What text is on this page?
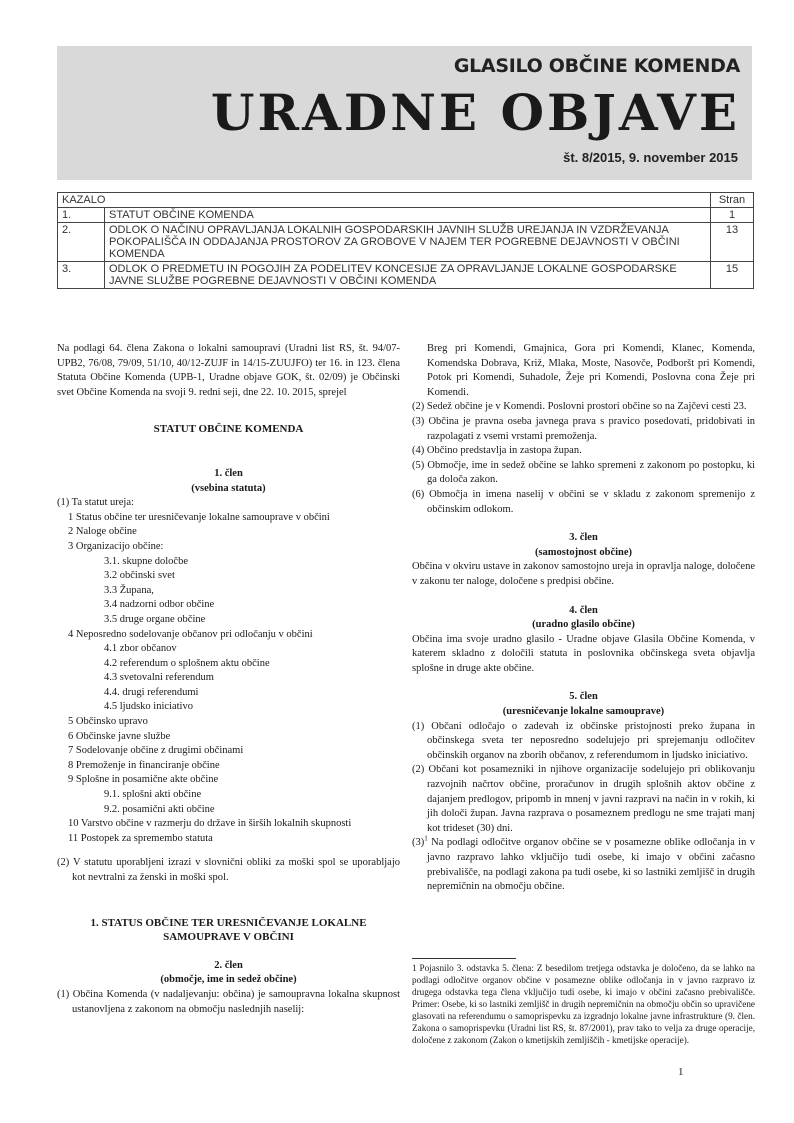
GLASILO OBČINE KOMENDA
URADNE OBJAVE
št. 8/2015, 9. november 2015
KAZALO		Stran
1.	STATUT OBČINE KOMENDA	1
2.	ODLOK O NAČINU OPRAVLJANJA LOKALNIH GOSPODARSKIH JAVNIH SLUŽB UREJANJA IN VZDRŽEVANJA POKOPALIŠČA IN ODDAJANJA PROSTOROV ZA GROBOVE V NAJEM TER POGREBNE DEJAVNOSTI V OBČINI KOMENDA	13
3.	ODLOK O PREDMETU IN POGOJIH ZA PODELITEV KONCESIJE ZA OPRAVLJANJE LOKALNE GOSPODARSKE JAVNE SLUŽBE POGREBNE DEJAVNOSTI V OBČINI KOMENDA	15

Na podlagi 64. člena Zakona o lokalni samoupravi (Uradni list RS, št. 94/07-UPB2, 76/08, 79/09, 51/10, 40/12-ZUJF in 14/15-ZUUJFO) ter 16. in 123. člena Statuta Občine Komenda (UPB-1, Uradne objave GOK, št. 02/09) je Občinski svet Občine Komenda na svoji 9. redni seji, dne 22. 10. 2015, sprejel

STATUT OBČINE KOMENDA

1. člen

(vsebina statuta)

(1) Ta statut ureja:

1 Status občine ter uresničevanje lokalne samouprave v občini

2 Naloge občine

3 Organizacijo občine:

3.1. skupne določbe

3.2 občinski svet

3.3 Župana,

3.4 nadzorni odbor občine

3.5 druge organe občine

4 Neposredno sodelovanje občanov pri odločanju v občini

4.1 zbor občanov

4.2 referendum o splošnem aktu občine

4.3 svetovalni referendum

4.4. drugi referendumi

4.5 ljudsko iniciativo

5 Občinsko upravo

6 Občinske javne službe

7 Sodelovanje občine z drugimi občinami

8 Premoženje in financiranje občine

9 Splošne in posamične akte občine

9.1. splošni akti občine

9.2. posamični akti občine

10 Varstvo občine v razmerju do države in širših lokalnih skupnosti

11 Postopek za spremembo statuta

(2) V statutu uporabljeni izrazi v slovnični obliki za moški spol se uporabljajo kot nevtralni za ženski in moški spol.

1. STATUS OBČINE TER URESNIČEVANJE LOKALNE SAMOUPRAVE V OBČINI

2. člen

(območje, ime in sedež občine)

(1) Občina Komenda (v nadaljevanju: občina) je samoupravna lokalna skupnost ustanovljena z zakonom na območju naslednjih naselij:

Breg pri Komendi, Gmajnica, Gora pri Komendi, Klanec, Komenda, Komendska Dobrava, Križ, Mlaka, Moste, Nasovče, Podboršt pri Komendi, Potok pri Komendi, Suhadole, Žeje pri Komendi, Poslovna cona Žeje pri Komendi.

(2) Sedež občine je v Komendi. Poslovni prostori občine so na Zajčevi cesti 23.

(3) Občina je pravna oseba javnega prava s pravico posedovati, pridobivati in razpolagati z vsemi vrstami premoženja.

(4) Občino predstavlja in zastopa župan.

(5) Območje, ime in sedež občine se lahko spremeni z zakonom po postopku, ki ga določa zakon.

(6) Območja in imena naselij v občini se v skladu z zakonom spremenijo z občinskim odlokom.

3. člen

(samostojnost občine)

Občina v okviru ustave in zakonov samostojno ureja in opravlja naloge, določene v zakonu ter naloge, določene s predpisi občine.

4. člen

(uradno glasilo občine)

Občina ima svoje uradno glasilo - Uradne objave Glasila Občine Komenda, v katerem skladno z določili statuta in poslovnika občinskega sveta objavlja splošne in druge akte občine.

5. člen

(uresničevanje lokalne samouprave)

(1) Občani odločajo o zadevah iz občinske pristojnosti preko župana in občinskega sveta ter neposredno sodelujejo pri sprejemanju odločitev občinskih organov na zborih občanov, z referendumom in ljudsko iniciativo.

(2) Občani kot posamezniki in njihove organizacije sodelujejo pri oblikovanju razvojnih načrtov občine, proračunov in drugih splošnih aktov občine z dajanjem predlogov, pripomb in mnenj v javni razpravi na način in v rokih, ki jih določi župan. Javna razprava o posameznem predlogu ne sme trajati manj kot trideset (30) dni.

$(3)^1$ Na podlagi odločitve organov občine se v posamezne oblike odločanja in v javno razpravo lahko vključijo tudi osebe, ki imajo v občini začasno prebivališče, na podlagi zakona pa tudi osebe, ki so lastniki zemljišč in drugih nepremičnin na območju občine.

1 Pojasnilo 3. odstavka 5. člena: Z besedilom tretjega odstavka je določeno, da se lahko na podlagi odločitve organov občine v posamezne oblike odločanja in v javno razpravo iz drugega odstavka tega člena vključijo tudi osebe, ki imajo v občini začasno prebivališče. Primer: Osebe, ki so lastniki zemljišč in drugih nepremičnin na območju občin so upravičene glasovati na referendumu o samoprispevku za izgradnjo lokalne javne infrastrukture (9. člen. Zakona o samoprispevku (Uradni list RS, št. 87/2001), prav tako to velja za druge operacije, določene z zakonom (Zakon o kmetijskih zemljiščih - kmetijske operacije).
1
